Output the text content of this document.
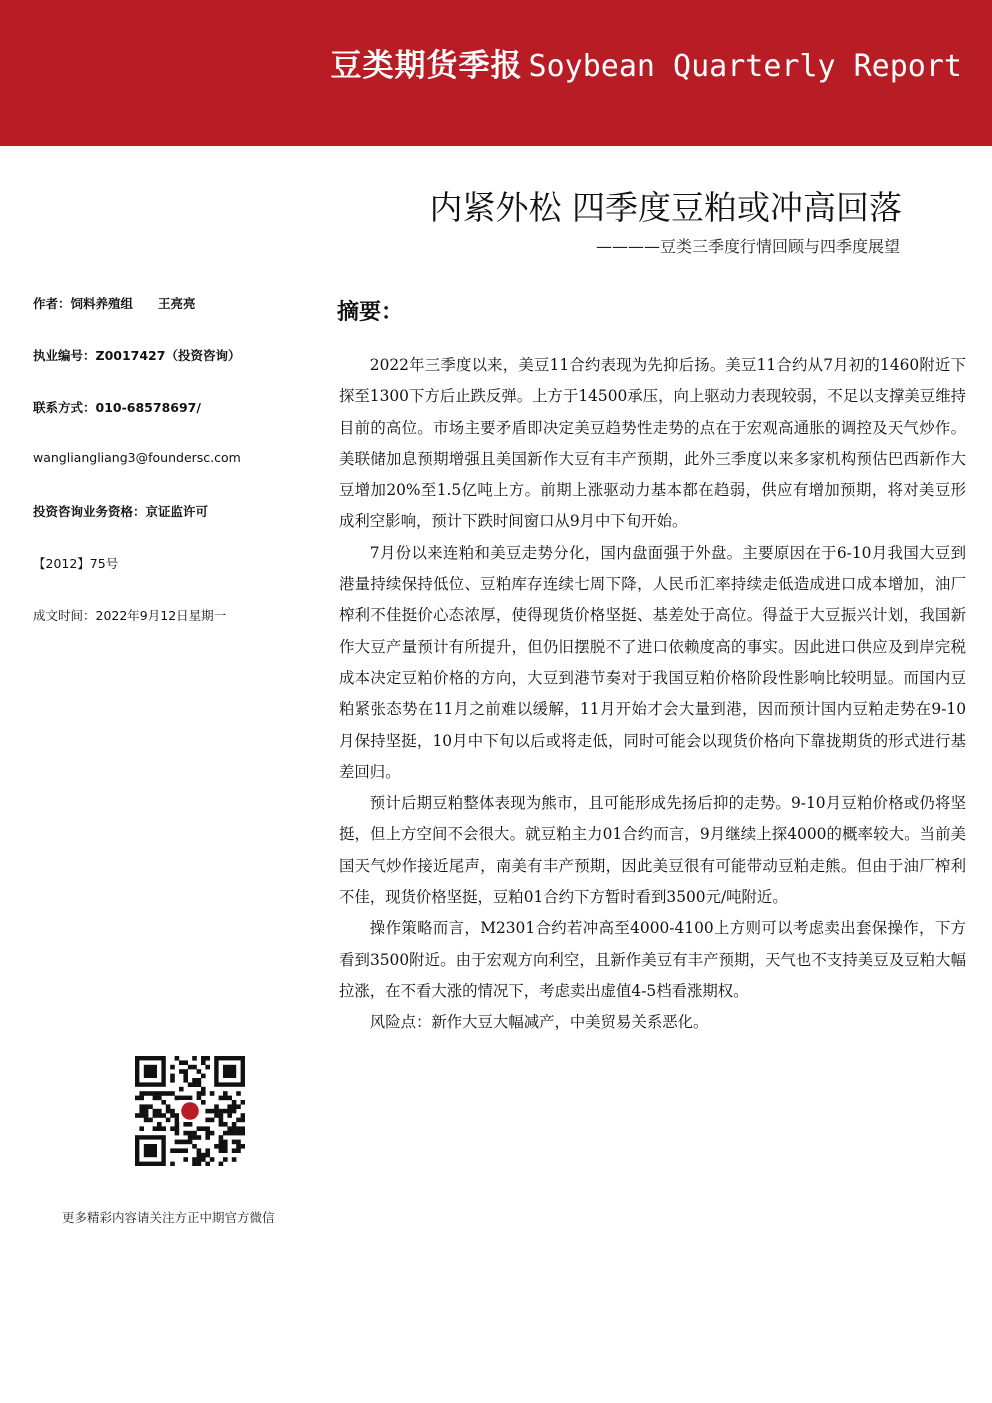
豆类期货季报 Soybean Quarterly Report
内紧外松 四季度豆粕或冲高回落
————豆类三季度行情回顾与四季度展望
作者：饲料养殖组　　王亮亮
执业编号：Z0017427（投资咨询）
联系方式：010-68578697/
wangliangliang3@foundersc.com
投资咨询业务资格：京证监许可
【2012】75号
成文时间：2022年9月12日星期一
更多精彩内容请关注方正中期官方微信
摘要：

2022年三季度以来，美豆11合约表现为先抑后扬。美豆11合约从7月初的1460附近下探至1300下方后止跌反弹。上方于14500承压，向上驱动力表现较弱，不足以支撑美豆维持目前的高位。市场主要矛盾即决定美豆趋势性走势的点在于宏观高通胀的调控及天气炒作。美联储加息预期增强且美国新作大豆有丰产预期，此外三季度以来多家机构预估巴西新作大豆增加20%至1.5亿吨上方。前期上涨驱动力基本都在趋弱，供应有增加预期，将对美豆形成利空影响，预计下跌时间窗口从9月中下旬开始。

7月份以来连粕和美豆走势分化，国内盘面强于外盘。主要原因在于6-10月我国大豆到港量持续保持低位、豆粕库存连续七周下降，人民币汇率持续走低造成进口成本增加，油厂榨利不佳挺价心态浓厚，使得现货价格坚挺、基差处于高位。得益于大豆振兴计划，我国新作大豆产量预计有所提升，但仍旧摆脱不了进口依赖度高的事实。因此进口供应及到岸完税成本决定豆粕价格的方向，大豆到港节奏对于我国豆粕价格阶段性影响比较明显。而国内豆粕紧张态势在11月之前难以缓解，11月开始才会大量到港，因而预计国内豆粕走势在9-10月保持坚挺，10月中下旬以后或将走低，同时可能会以现货价格向下靠拢期货的形式进行基差回归。

预计后期豆粕整体表现为熊市，且可能形成先扬后抑的走势。9-10月豆粕价格或仍将坚挺，但上方空间不会很大。就豆粕主力01合约而言，9月继续上探4000的概率较大。当前美国天气炒作接近尾声，南美有丰产预期，因此美豆很有可能带动豆粕走熊。但由于油厂榨利不佳，现货价格坚挺，豆粕01合约下方暂时看到3500元/吨附近。

操作策略而言，M2301合约若冲高至4000-4100上方则可以考虑卖出套保操作，下方看到3500附近。由于宏观方向利空，且新作美豆有丰产预期，天气也不支持美豆及豆粕大幅拉涨，在不看大涨的情况下，考虑卖出虚值4-5档看涨期权。

风险点：新作大豆大幅减产，中美贸易关系恶化。
